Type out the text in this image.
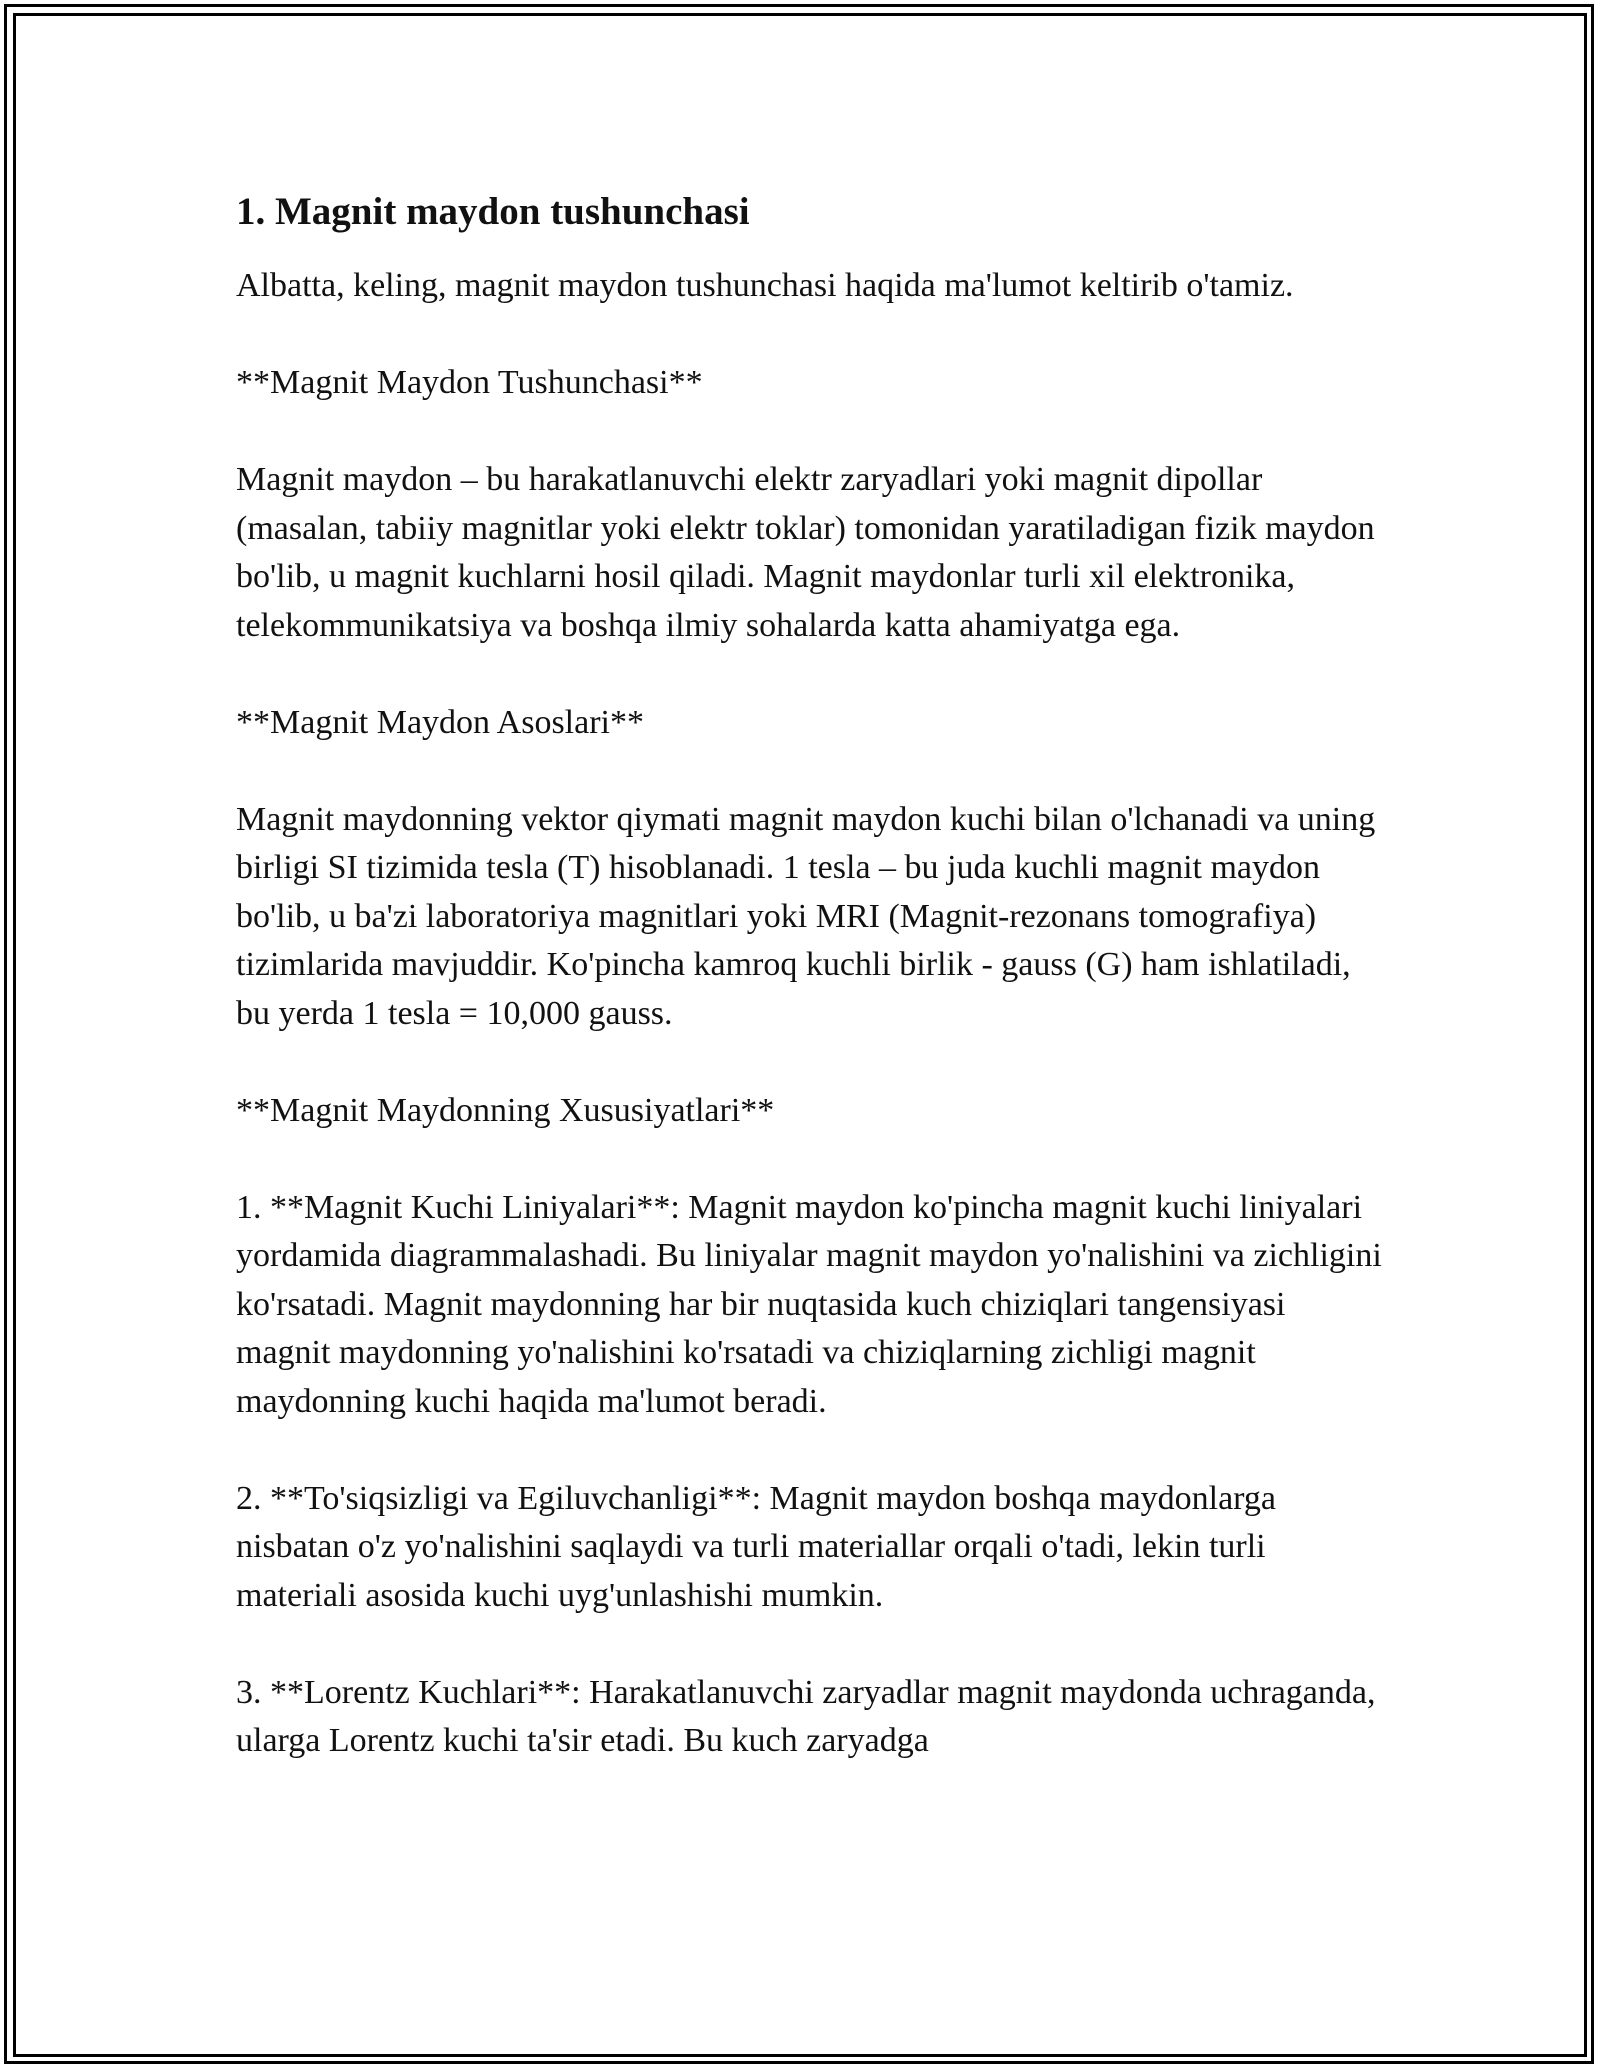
1. Magnit maydon tushunchasi

Albatta, keling, magnit maydon tushunchasi haqida ma'lumot keltirib o'tamiz.

**Magnit Maydon Tushunchasi**

Magnit maydon – bu harakatlanuvchi elektr zaryadlari yoki magnit dipollar (masalan, tabiiy magnitlar yoki elektr toklar) tomonidan yaratiladigan fizik maydon bo'lib, u magnit kuchlarni hosil qiladi. Magnit maydonlar turli xil elektronika, telekommunikatsiya va boshqa ilmiy sohalarda katta ahamiyatga ega.

**Magnit Maydon Asoslari**

Magnit maydonning vektor qiymati magnit maydon kuchi bilan o'lchanadi va uning birligi SI tizimida tesla (T) hisoblanadi. 1 tesla – bu juda kuchli magnit maydon bo'lib, u ba'zi laboratoriya magnitlari yoki MRI (Magnit-rezonans tomografiya) tizimlarida mavjuddir. Ko'pincha kamroq kuchli birlik - gauss (G) ham ishlatiladi, bu yerda 1 tesla = 10,000 gauss.

**Magnit Maydonning Xususiyatlari**

1. **Magnit Kuchi Liniyalari**: Magnit maydon ko'pincha magnit kuchi liniyalari yordamida diagrammalashadi. Bu liniyalar magnit maydon yo'nalishini va zichligini ko'rsatadi. Magnit maydonning har bir nuqtasida kuch chiziqlari tangensiyasi magnit maydonning yo'nalishini ko'rsatadi va chiziqlarning zichligi magnit maydonning kuchi haqida ma'lumot beradi.

2. **To'siqsizligi va Egiluvchanligi**: Magnit maydon boshqa maydonlarga nisbatan o'z yo'nalishini saqlaydi va turli materiallar orqali o'tadi, lekin turli materiali asosida kuchi uyg'unlashishi mumkin.

3. **Lorentz Kuchlari**: Harakatlanuvchi zaryadlar magnit maydonda uchraganda, ularga Lorentz kuchi ta'sir etadi. Bu kuch zaryadga
